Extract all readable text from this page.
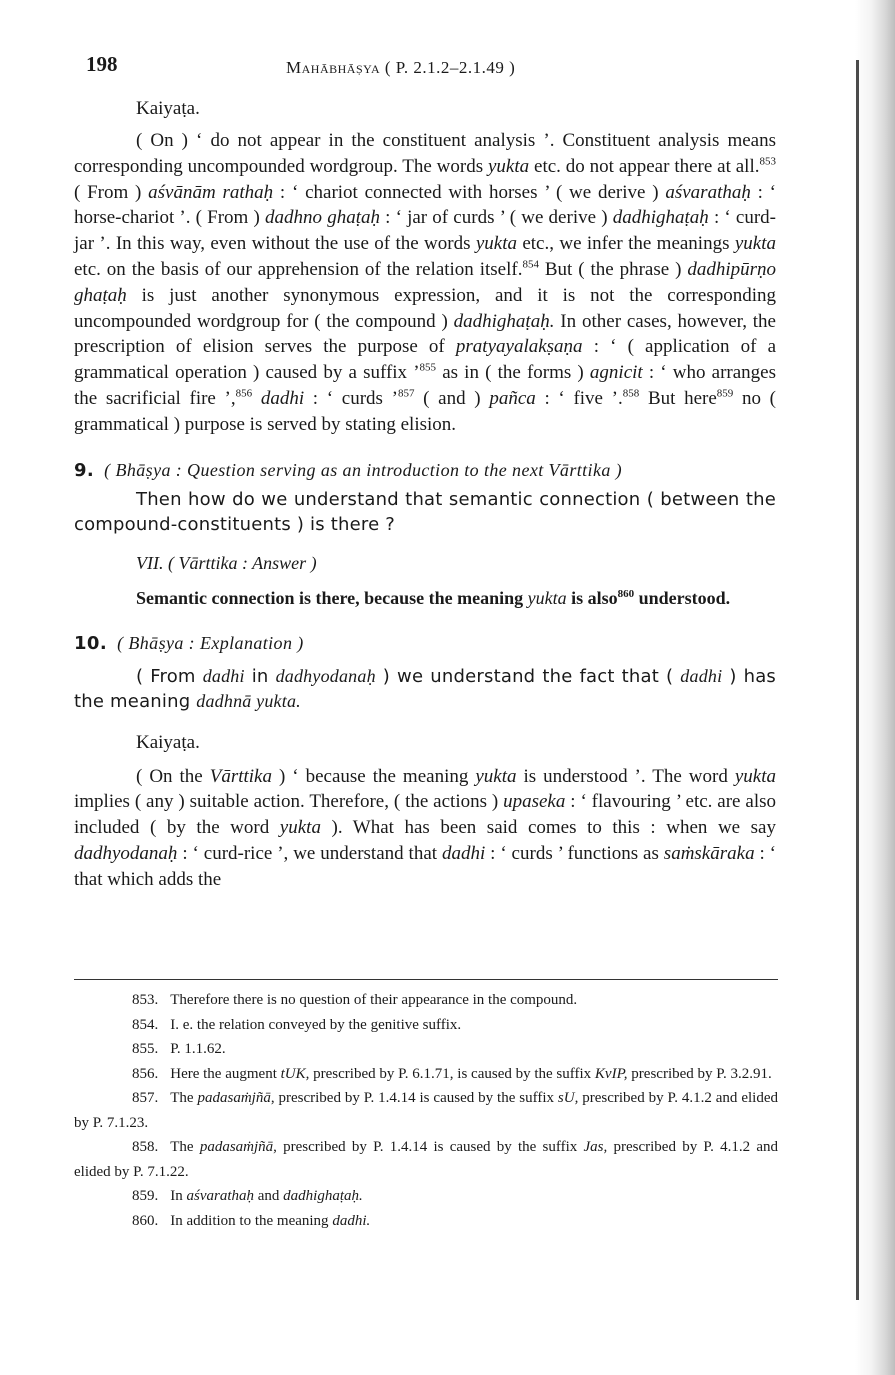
198	Mahābhāṣya ( P. 2.1.2–2.1.49 )

Kaiyaṭa.

( On ) ‘ do not appear in the constituent analysis ’. Constituent analysis means corresponding uncompounded wordgroup. The words yukta etc. do not appear there at all.$^{853}$ ( From ) aśvānām rathaḥ : ‘ chariot connected with horses ’ ( we derive ) aśvarathaḥ : ‘ horse-chariot ’. ( From ) dadhno ghaṭaḥ : ‘ jar of curds ’ ( we derive ) dadhighaṭaḥ : ‘ curd-jar ’. In this way, even without the use of the words yukta etc., we infer the meanings yukta etc. on the basis of our apprehension of the relation itself.$^{854}$ But ( the phrase ) dadhipūrṇo ghaṭaḥ is just another synonymous expression, and it is not the corresponding uncompounded wordgroup for ( the compound ) dadhighaṭaḥ. In other cases, however, the prescription of elision serves the purpose of pratyayalakṣaṇa : ‘ ( application of a grammatical operation ) caused by a suffix ’$^{855}$ as in ( the forms ) agnicit : ‘ who arranges the sacrificial fire ’,$^{856}$ dadhi : ‘ curds ’$^{857}$ ( and ) pañca : ‘ five ’.$^{858}$ But here$^{859}$ no ( grammatical ) purpose is served by stating elision.

9. ( Bhāṣya : Question serving as an introduction to the next Vārttika )

Then how do we understand that semantic connection ( between the compound-constituents ) is there ?

VII. ( Vārttika : Answer )

Semantic connection is there, because the meaning yukta is also$^{860}$ understood.

10. ( Bhāṣya : Explanation )

( From dadhi in dadhyodanaḥ ) we understand the fact that ( dadhi ) has the meaning dadhnā yukta.

Kaiyaṭa.

( On the Vārttika ) ‘ because the meaning yukta is understood ’. The word yukta implies ( any ) suitable action. Therefore, ( the actions ) upaseka : ‘ flavouring ’ etc. are also included ( by the word yukta ). What has been said comes to this : when we say dadhyodanaḥ : ‘ curd-rice ’, we understand that dadhi : ‘ curds ’ functions as saṁskāraka : ‘ that which adds the

853. Therefore there is no question of their appearance in the compound.

854. I. e. the relation conveyed by the genitive suffix.

855. P. 1.1.62.

856. Here the augment tUK, prescribed by P. 6.1.71, is caused by the suffix KvIP, prescribed by P. 3.2.91.

857. The padasaṁjñā, prescribed by P. 1.4.14 is caused by the suffix sU, prescribed by P. 4.1.2 and elided by P. 7.1.23.

858. The padasaṁjñā, prescribed by P. 1.4.14 is caused by the suffix Jas, prescribed by P. 4.1.2 and elided by P. 7.1.22.

859. In aśvarathaḥ and dadhighaṭaḥ.

860. In addition to the meaning dadhi.
